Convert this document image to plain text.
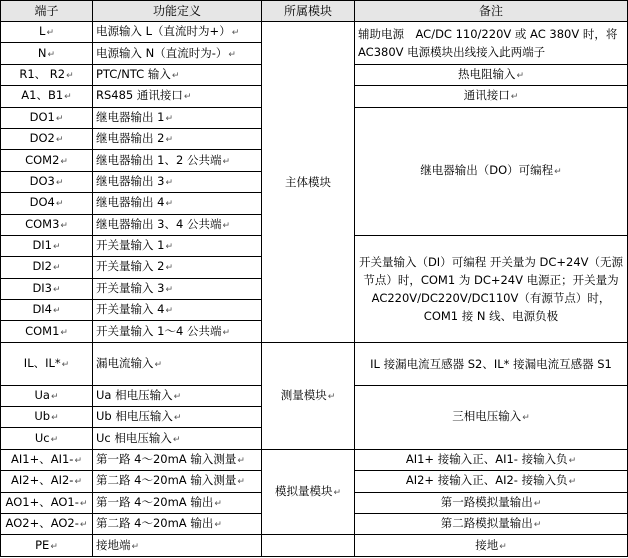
端子	功能定义	所属模块	备注
L↵	电源输入 L（直流时为+）↵	主体模块	辅助电源　AC/DC 110/220V 或 AC 380V 时，将 AC380V 电源模块出线接入此两端子
N↵	电源输入 N（直流时为-）↵		
R1、 R2↵	PTC/NTC 输入↵		热电阻输入↵
A1、B1↵	RS485 通讯接口↵		通讯接口↵
DO1↵	继电器输出 1↵		继电器输出（DO）可编程↵
DO2↵	继电器输出 2↵		
COM2↵	继电器输出 1、2 公共端↵		
DO3↵	继电器输出 3↵		
DO4↵	继电器输出 4↵		
COM3↵	继电器输出 3、4 公共端↵		
DI1↵	开关量输入 1↵		开关量输入（DI）可编程 开关量为 DC+24V（无源节点）时，COM1 为 DC+24V 电源正；开关量为 AC220V/DC220V/DC110V（有源节点）时，COM1 接 N 线、电源负极
DI2↵	开关量输入 2↵		
DI3↵	开关量输入 3↵		
DI4↵	开关量输入 4↵		
COM1↵	开关量输入 1～4 公共端↵		
IL、IL*↵	漏电流输入↵	测量模块↵	IL 接漏电流互感器 S2、IL* 接漏电流互感器 S1
Ua↵	Ua 相电压输入↵		三相电压输入↵
Ub↵	Ub 相电压输入↵		
Uc↵	Uc 相电压输入↵		
AI1+、AI1-↵	第一路 4～20mA 输入测量↵	模拟量模块↵	AI1+ 接输入正、AI1- 接输入负↵
AI2+、AI2-↵	第二路 4～20mA 输入测量↵		AI2+ 接输入正、AI2- 接输入负↵
AO1+、AO1-↵	第一路 4～20mA 输出↵		第一路模拟量输出↵
AO2+、AO2-↵	第二路 4～20mA 输出↵		第二路模拟量输出↵
PE↵	接地端↵		接地↵
